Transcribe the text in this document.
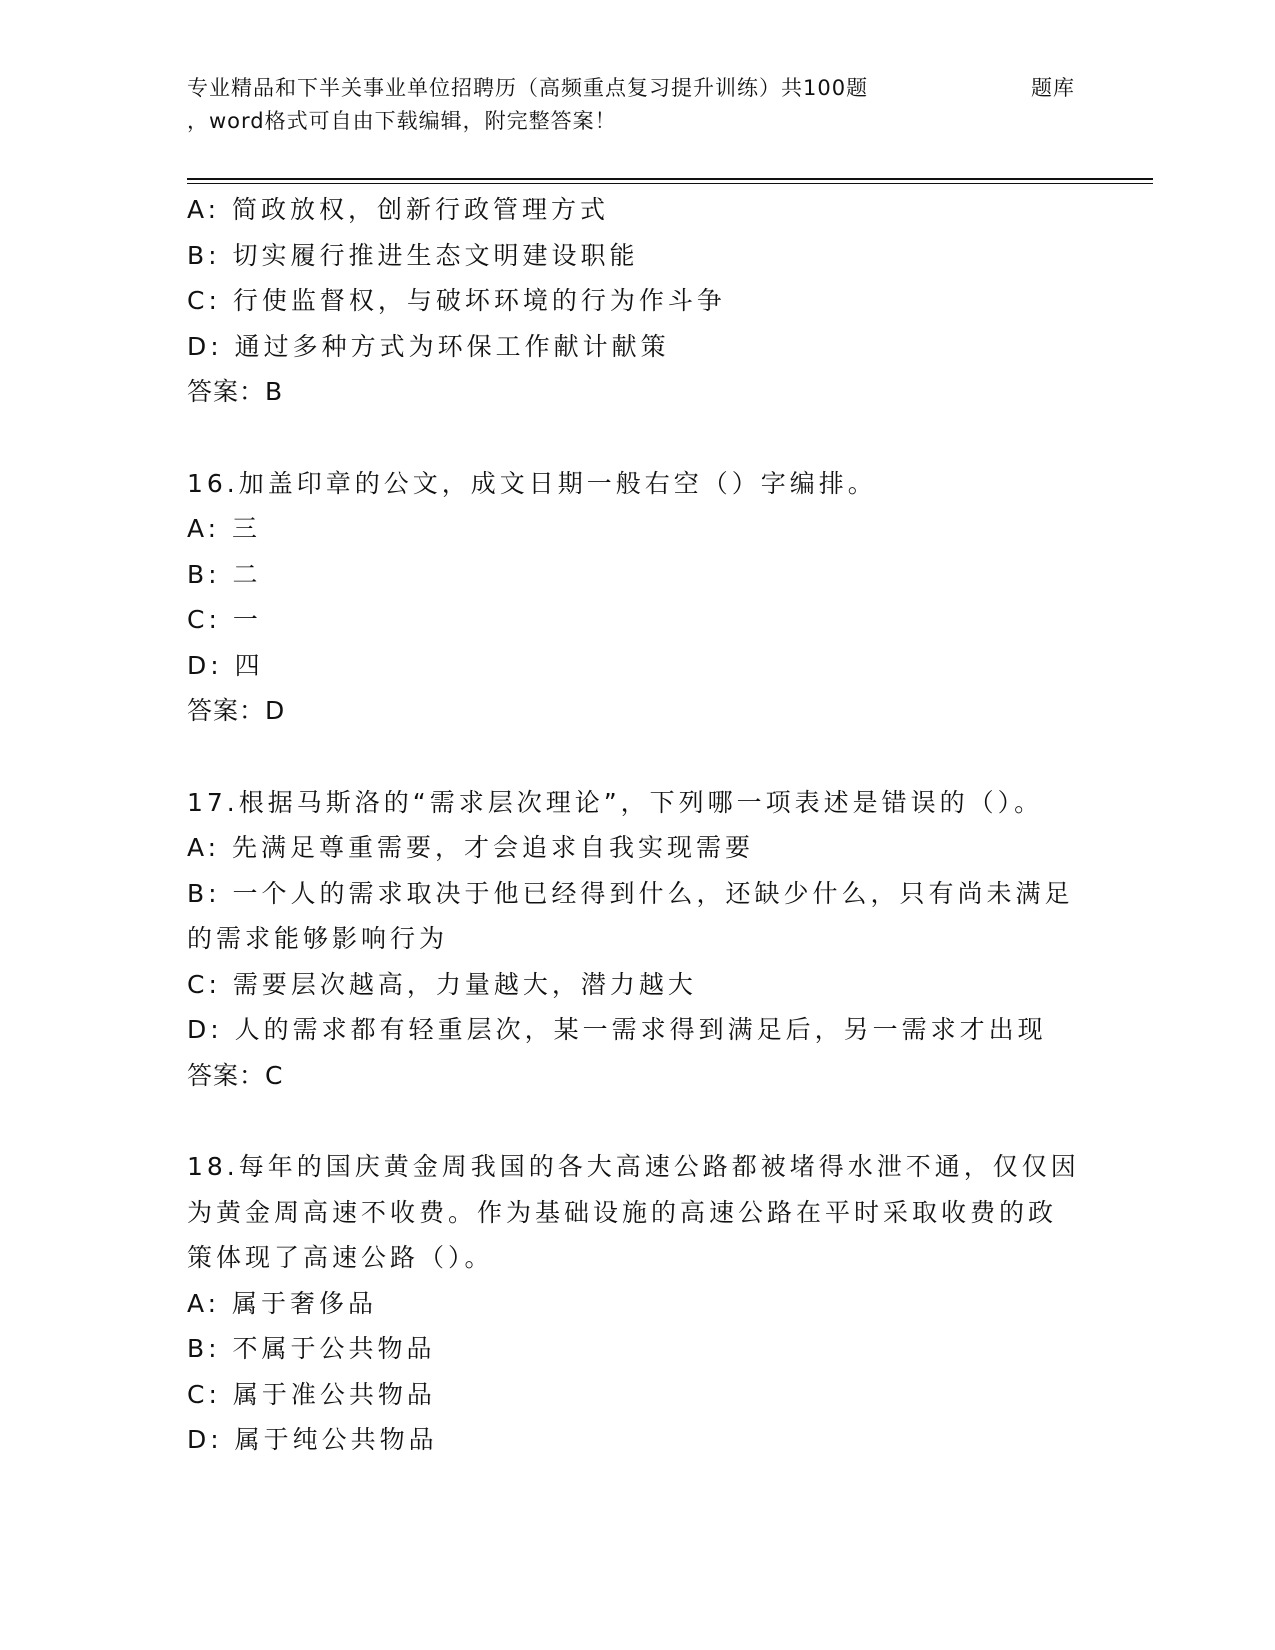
专业精品和下半关事业单位招聘历（高频重点复习提升训练）共100题	题库
，word格式可自由下载编辑，附完整答案！
A: 简政放权，创新行政管理方式
B: 切实履行推进生态文明建设职能
C: 行使监督权，与破坏环境的行为作斗争
D: 通过多种方式为环保工作献计献策
答案：B
16.加盖印章的公文，成文日期一般右空（）字编排。
A: 三
B: 二
C: 一
D: 四
答案：D
17.根据马斯洛的“需求层次理论”，下列哪一项表述是错误的（）。
A: 先满足尊重需要，才会追求自我实现需要
B: 一个人的需求取决于他已经得到什么，还缺少什么，只有尚未满足
的需求能够影响行为
C: 需要层次越高，力量越大，潜力越大
D: 人的需求都有轻重层次，某一需求得到满足后，另一需求才出现
答案：C
18.每年的国庆黄金周我国的各大高速公路都被堵得水泄不通，仅仅因
为黄金周高速不收费。作为基础设施的高速公路在平时采取收费的政
策体现了高速公路（）。
A: 属于奢侈品
B: 不属于公共物品
C: 属于准公共物品
D: 属于纯公共物品
